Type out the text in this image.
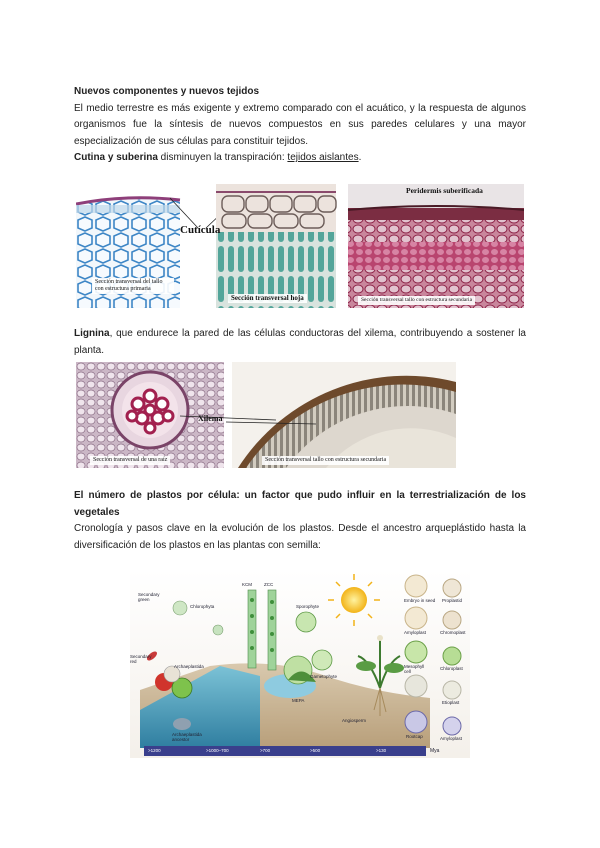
Nuevos componentes y nuevos tejidos
El medio terrestre es más exigente y extremo comparado con el acuático, y la respuesta de algunos organismos fue la síntesis de nuevos compuestos en sus paredes celulares y una mayor especialización de sus células para constituir tejidos.
Cutina y suberina disminuyen la transpiración: tejidos aislantes.
Cutícula
Sección transversal del tallo con estructura primaria
Sección transversal hoja
Peridermis suberificada
Sección transversal tallo con estructura secundaria
Lignina, que endurece la pared de las células conductoras del xilema, contribuyendo a sostener la planta.
Xilema
Sección transversal de una raíz	Sección transversal tallo con estructura secundaria
El número de plastos por célula: un factor que pudo influir en la terrestrialización de los vegetales
Cronología y pasos clave en la evolución de los plastos. Desde el ancestro arqueplástido hasta la diversificación de los plastos en las plantas con semilla:
Secondary green
Chlorophyta
Secondary red
Archaeplastida
Archaeplastida ancestor
KCM	ZCC
Sporophyte
Gametophyte
MEPA
Embryo in seed Proplastid
Amyloplast	Chromoplast
Mesophyll cell
Chloroplast
Etioplast
Angiosperm
Rootcap	Amyloplast
>1200	>1000–700	>700	>500	>130	Mya
